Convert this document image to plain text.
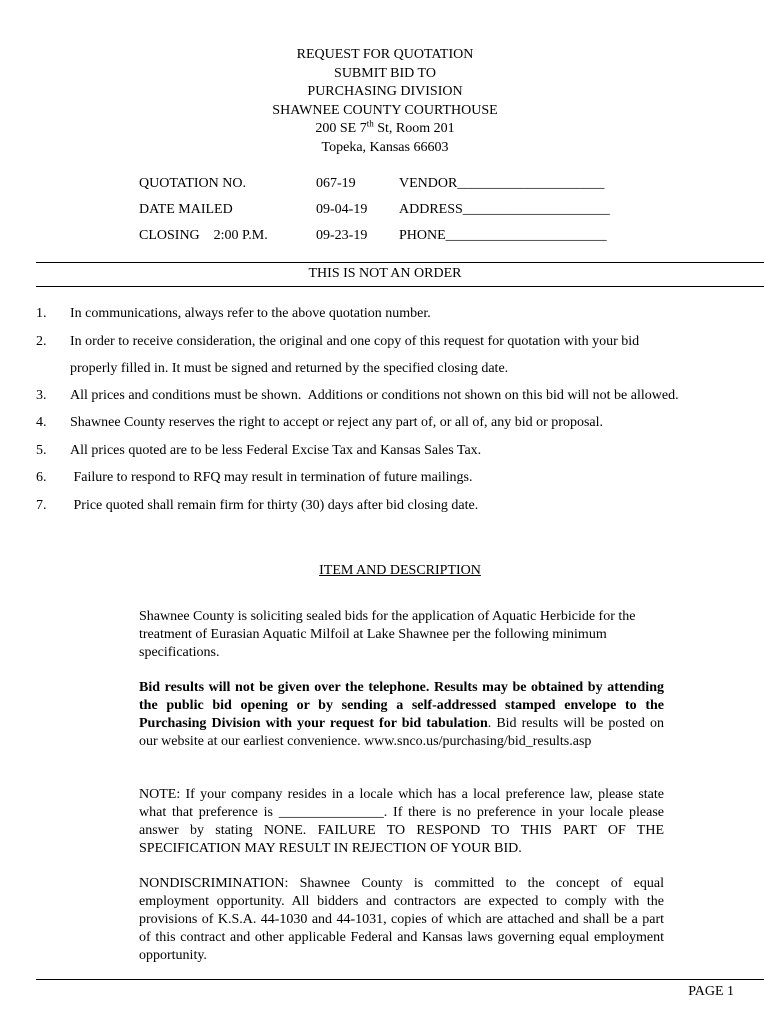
REQUEST FOR QUOTATION
SUBMIT BID TO
PURCHASING DIVISION
SHAWNEE COUNTY COURTHOUSE
200 SE 7th St, Room 201
Topeka, Kansas 66603
QUOTATION NO.	067-19	VENDOR_____________________
DATE MAILED	09-04-19 ADDRESS_____________________
CLOSING    2:00 P.M.	09-23-19 PHONE_______________________
THIS IS NOT AN ORDER
1. In communications, always refer to the above quotation number.
2. In order to receive consideration, the original and one copy of this request for quotation with your bid
properly filled in. It must be signed and returned by the specified closing date.
3. All prices and conditions must be shown.  Additions or conditions not shown on this bid will not be allowed.
4. Shawnee County reserves the right to accept or reject any part of, or all of, any bid or proposal.
5. All prices quoted are to be less Federal Excise Tax and Kansas Sales Tax.
6. Failure to respond to RFQ may result in termination of future mailings.
7. Price quoted shall remain firm for thirty (30) days after bid closing date.
ITEM AND DESCRIPTION
Shawnee County is soliciting sealed bids for the application of Aquatic Herbicide for the treatment of Eurasian Aquatic Milfoil at Lake Shawnee per the following minimum specifications.
Bid results will not be given over the telephone. Results may be obtained by attending the public bid opening or by sending a self-addressed stamped envelope to the Purchasing Division with your request for bid tabulation. Bid results will be posted on our website at our earliest convenience. www.snco.us/purchasing/bid_results.asp
NOTE: If your company resides in a locale which has a local preference law, please state what that preference is _______________. If there is no preference in your locale please answer by stating NONE. FAILURE TO RESPOND TO THIS PART OF THE SPECIFICATION MAY RESULT IN REJECTION OF YOUR BID.
NONDISCRIMINATION: Shawnee County is committed to the concept of equal employment opportunity. All bidders and contractors are expected to comply with the provisions of K.S.A. 44-1030 and 44-1031, copies of which are attached and shall be a part of this contract and other applicable Federal and Kansas laws governing equal employment opportunity.
PAGE 1
